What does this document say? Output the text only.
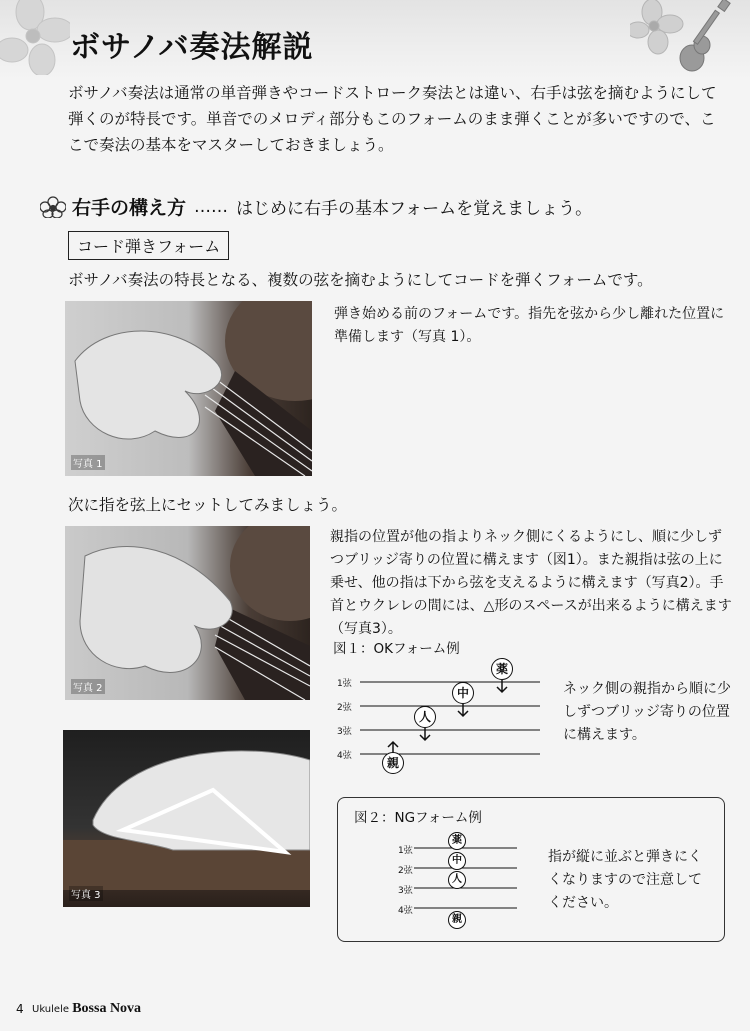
ボサノバ奏法解説
ボサノバ奏法は通常の単音弾きやコードストローク奏法とは違い、右手は弦を摘むようにして弾くのが特長です。単音でのメロディ部分もこのフォームのまま弾くことが多いですので、ここで奏法の基本をマスターしておきましょう。
右手の構え方 …… はじめに右手の基本フォームを覚えましょう。
コード弾きフォーム
ボサノバ奏法の特長となる、複数の弦を摘むようにしてコードを弾くフォームです。
写真 1
弾き始める前のフォームです。指先を弦から少し離れた位置に準備します（写真 1）。
次に指を弦上にセットしてみましょう。
写真 2
親指の位置が他の指よりネック側にくるようにし、順に少しずつブリッジ寄りの位置に構えます（図1）。また親指は弦の上に乗せ、他の指は下から弦を支えるように構えます（写真2）。手首とウクレレの間には、△形のスペースが出来るように構えます（写真3）。
写真 3
図１：OKフォーム例
1弦
2弦
3弦
4弦
薬
中
人
親
ネック側の親指から順に少しずつブリッジ寄りの位置に構えます。
図２：NGフォーム例
1弦
2弦
3弦
4弦
薬
中
人
親
指が縦に並ぶと弾きにくくなりますので注意してください。
4 Ukulele Bossa Nova
